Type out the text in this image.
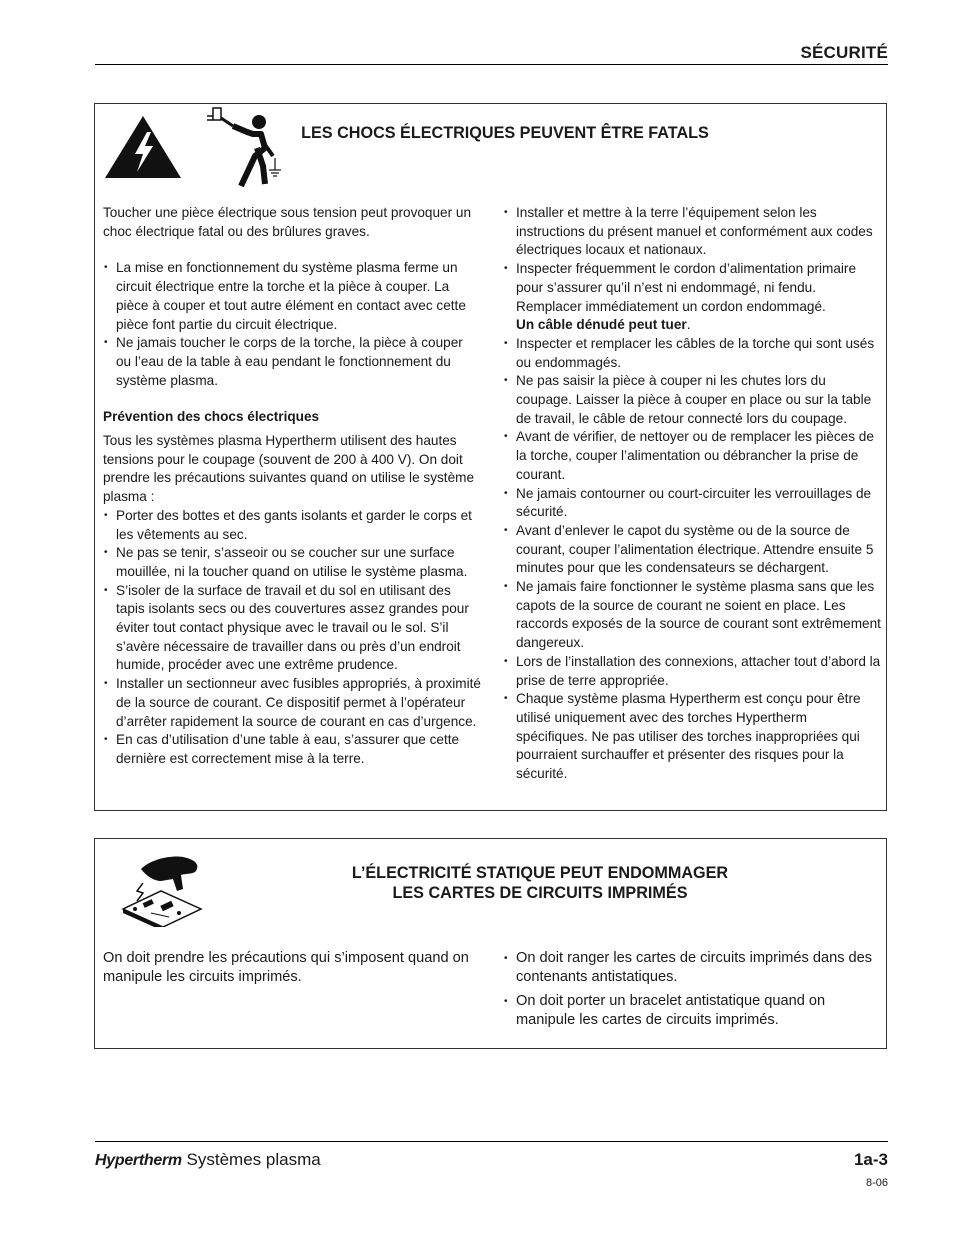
SÉCURITÉ
LES CHOCS ÉLECTRIQUES PEUVENT ÊTRE FATALS

Toucher une pièce électrique sous tension peut provoquer un choc électrique fatal ou des brûlures graves.

• La mise en fonctionnement du système plasma ferme un circuit électrique entre la torche et la pièce à couper. La pièce à couper et tout autre élément en contact avec cette pièce font partie du circuit électrique.
• Ne jamais toucher le corps de la torche, la pièce à couper ou l’eau de la table à eau pendant le fonctionnement du système plasma.

Prévention des chocs électriques

Tous les systèmes plasma Hypertherm utilisent des hautes tensions pour le coupage (souvent de 200 à 400 V). On doit prendre les précautions suivantes quand on utilise le système plasma :

• Porter des bottes et des gants isolants et garder le corps et les vêtements au sec.
• Ne pas se tenir, s’asseoir ou se coucher sur une surface mouillée, ni la toucher quand on utilise le système plasma.
• S’isoler de la surface de travail et du sol en utilisant des tapis isolants secs ou des couvertures assez grandes pour éviter tout contact physique avec le travail ou le sol. S’il s’avère nécessaire de travailler dans ou près d’un endroit humide, procéder avec une extrême prudence.
• Installer un sectionneur avec fusibles appropriés, à proximité de la source de courant. Ce dispositif permet à l’opérateur d’arrêter rapidement la source de courant en cas d’urgence.
• En cas d’utilisation d’une table à eau, s’assurer que cette dernière est correctement mise à la terre.
• Installer et mettre à la terre l’équipement selon les instructions du présent manuel et conformément aux codes électriques locaux et nationaux.
• Inspecter fréquemment le cordon d’alimentation primaire pour s’assurer qu’il n’est ni endommagé, ni fendu. Remplacer immédiatement un cordon endommagé.
Un câble dénudé peut tuer.
• Inspecter et remplacer les câbles de la torche qui sont usés ou endommagés.
• Ne pas saisir la pièce à couper ni les chutes lors du coupage. Laisser la pièce à couper en place ou sur la table de travail, le câble de retour connecté lors du coupage.
• Avant de vérifier, de nettoyer ou de remplacer les pièces de la torche, couper l’alimentation ou débrancher la prise de courant.
• Ne jamais contourner ou court-circuiter les verrouillages de sécurité.
• Avant d’enlever le capot du système ou de la source de courant, couper l’alimentation électrique. Attendre ensuite 5 minutes pour que les condensateurs se déchargent.
• Ne jamais faire fonctionner le système plasma sans que les capots de la source de courant ne soient en place. Les raccords exposés de la source de courant sont extrêmement dangereux.
• Lors de l’installation des connexions, attacher tout d’abord la prise de terre appropriée.
• Chaque système plasma Hypertherm est conçu pour être utilisé uniquement avec des torches Hypertherm spécifiques. Ne pas utiliser des torches inappropriées qui pourraient surchauffer et présenter des risques pour la sécurité.
L’ÉLECTRICITÉ STATIQUE PEUT ENDOMMAGER
LES CARTES DE CIRCUITS IMPRIMÉS

On doit prendre les précautions qui s’imposent quand on manipule les circuits imprimés.

• On doit ranger les cartes de circuits imprimés dans des contenants antistatiques.
• On doit porter un bracelet antistatique quand on manipule les cartes de circuits imprimés.
Hypertherm Systèmes plasma	1a-3
8-06
